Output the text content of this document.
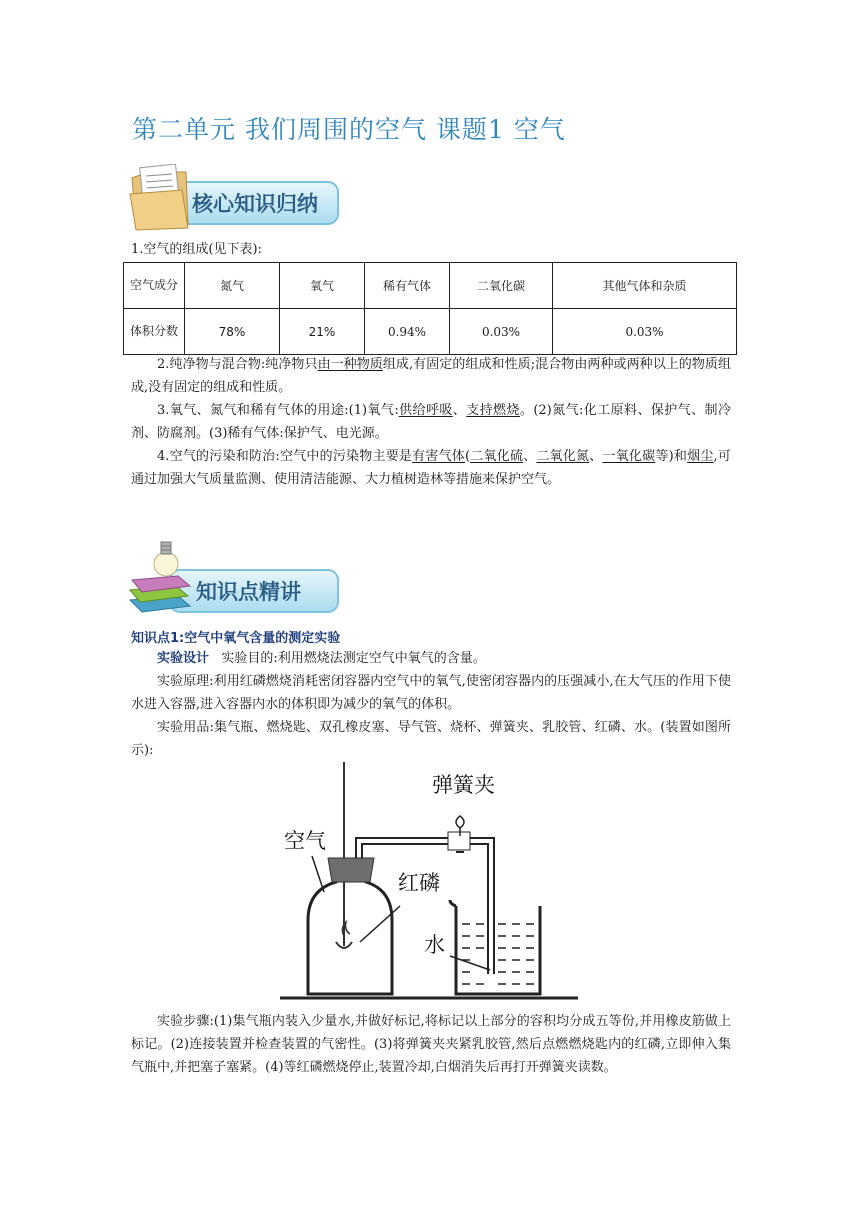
第二单元 我们周围的空气 课题1 空气
核心知识归纳
1.空气的组成(见下表):
空气成分	氮气	氧气	稀有气体	二氧化碳	其他气体和杂质
体积分数	78%	21%	0.94%	0.03%	0.03%
2.纯净物与混合物:纯净物只由一种物质组成,有固定的组成和性质;混合物由两种或两种以上的物质组成,没有固定的组成和性质。
3.氧气、氮气和稀有气体的用途:(1)氧气:供给呼吸、支持燃烧。(2)氮气:化工原料、保护气、制冷剂、防腐剂。(3)稀有气体:保护气、电光源。
4.空气的污染和防治:空气中的污染物主要是有害气体(二氧化硫、二氧化氮、一氧化碳等)和烟尘,可通过加强大气质量监测、使用清洁能源、大力植树造林等措施来保护空气。
知识点精讲
知识点1:空气中氧气含量的测定实验
实验设计 实验目的:利用燃烧法测定空气中氧气的含量。
实验原理:利用红磷燃烧消耗密闭容器内空气中的氧气,使密闭容器内的压强减小,在大气压的作用下使水进入容器,进入容器内水的体积即为减少的氧气的体积。
实验用品:集气瓶、燃烧匙、双孔橡皮塞、导气管、烧杯、弹簧夹、乳胶管、红磷、水。(装置如图所示):
空气
弹簧夹
红磷
水
实验步骤:(1)集气瓶内装入少量水,并做好标记,将标记以上部分的容积均分成五等份,并用橡皮筋做上标记。(2)连接装置并检查装置的气密性。(3)将弹簧夹夹紧乳胶管,然后点燃燃烧匙内的红磷,立即伸入集气瓶中,并把塞子塞紧。(4)等红磷燃烧停止,装置冷却,白烟消失后再打开弹簧夹读数。
